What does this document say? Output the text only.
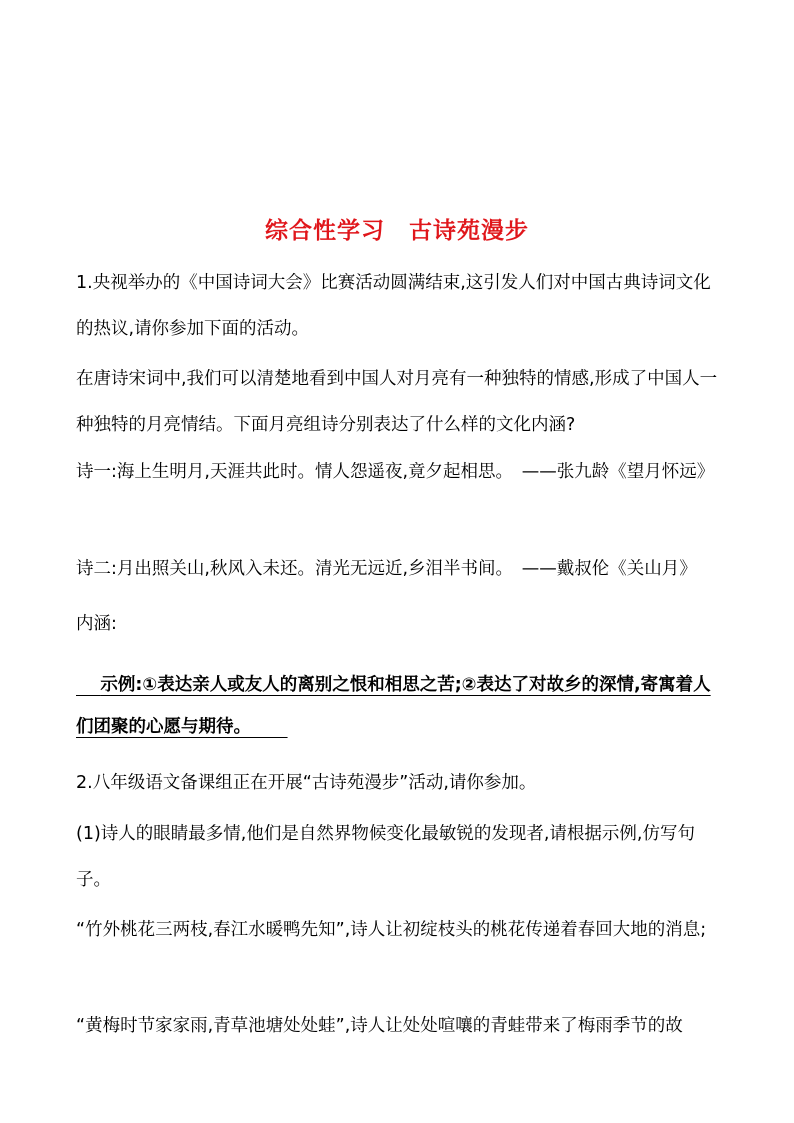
综合性学习 古诗苑漫步

1.央视举办的《中国诗词大会》比赛活动圆满结束,这引发人们对中国古典诗词文化的热议,请你参加下面的活动。

在唐诗宋词中,我们可以清楚地看到中国人对月亮有一种独特的情感,形成了中国人一种独特的月亮情结。下面月亮组诗分别表达了什么样的文化内涵?

诗一:海上生明月,天涯共此时。情人怨遥夜,竟夕起相思。　——张九龄《望月怀远》

诗二:月出照关山,秋风入未还。清光无远近,乡泪半书间。　——戴叔伦《关山月》

内涵:

示例:①表达亲人或友人的离别之恨和相思之苦;②表达了对故乡的深情,寄寓着人们团聚的心愿与期待。

2.八年级语文备课组正在开展“古诗苑漫步”活动,请你参加。

(1)诗人的眼睛最多情,他们是自然界物候变化最敏锐的发现者,请根据示例,仿写句子。

“竹外桃花三两枝,春江水暖鸭先知”,诗人让初绽枝头的桃花传递着春回大地的消息;

“黄梅时节家家雨,青草池塘处处蛙”,诗人让处处喧嚷的青蛙带来了梅雨季节的故
